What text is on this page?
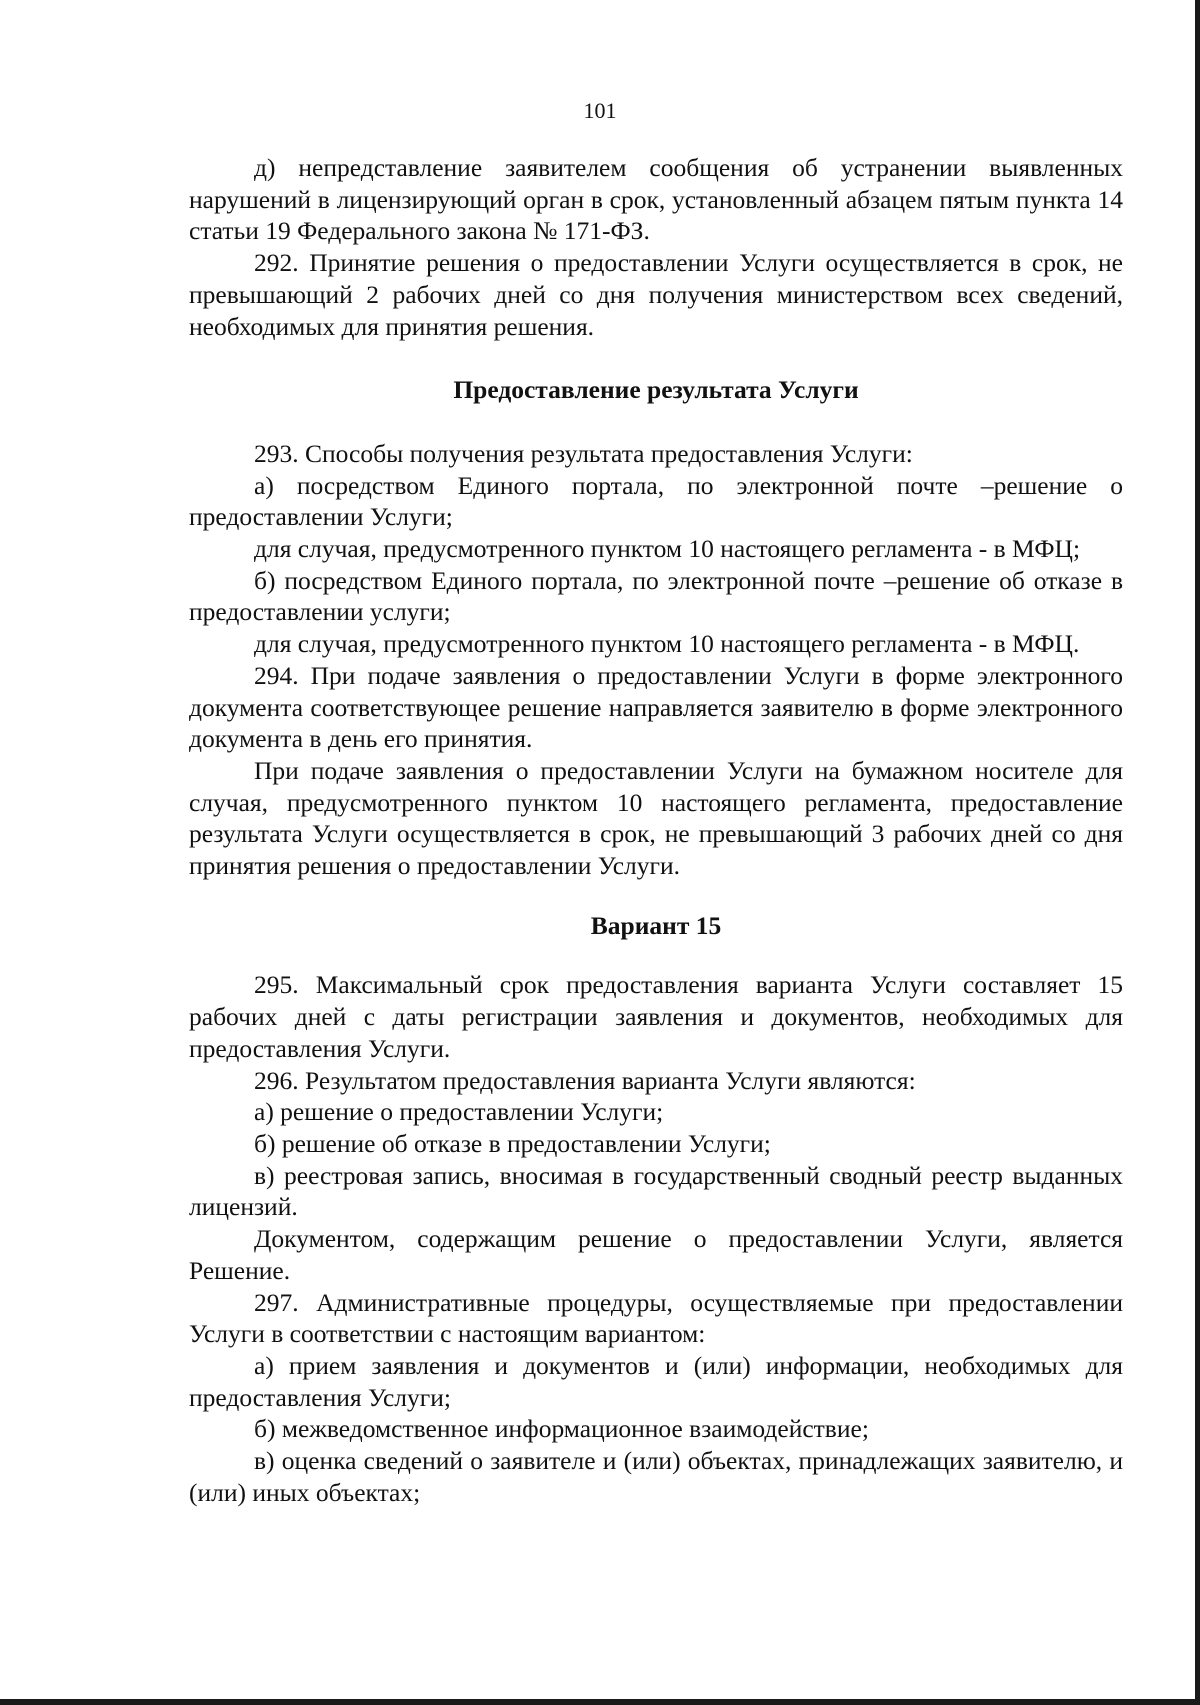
101

д) непредставление заявителем сообщения об устранении выявленных нарушений в лицензирующий орган в срок, установленный абзацем пятым пункта 14 статьи 19 Федерального закона № 171-ФЗ.

292. Принятие решения о предоставлении Услуги осуществляется в срок, не превышающий 2 рабочих дней со дня получения министерством всех сведений, необходимых для принятия решения.

Предоставление результата Услуги

293. Способы получения результата предоставления Услуги:

а) посредством Единого портала, по электронной почте –решение о предоставлении Услуги;

для случая, предусмотренного пунктом 10 настоящего регламента - в МФЦ;

б) посредством Единого портала, по электронной почте –решение об отказе в предоставлении услуги;

для случая, предусмотренного пунктом 10 настоящего регламента - в МФЦ.

294. При подаче заявления о предоставлении Услуги в форме электронного документа соответствующее решение направляется заявителю в форме электронного документа в день его принятия.

При подаче заявления о предоставлении Услуги на бумажном носителе для случая, предусмотренного пунктом 10 настоящего регламента, предоставление результата Услуги осуществляется в срок, не превышающий 3 рабочих дней со дня принятия решения о предоставлении Услуги.

Вариант 15

295. Максимальный срок предоставления варианта Услуги составляет 15 рабочих дней с даты регистрации заявления и документов, необходимых для предоставления Услуги.

296. Результатом предоставления варианта Услуги являются:

а) решение о предоставлении Услуги;

б) решение об отказе в предоставлении Услуги;

в) реестровая запись, вносимая в государственный сводный реестр выданных лицензий.

Документом, содержащим решение о предоставлении Услуги, является Решение.

297. Административные процедуры, осуществляемые при предоставлении Услуги в соответствии с настоящим вариантом:

а) прием заявления и документов и (или) информации, необходимых для предоставления Услуги;

б) межведомственное информационное взаимодействие;

в) оценка сведений о заявителе и (или) объектах, принадлежащих заявителю, и (или) иных объектах;
